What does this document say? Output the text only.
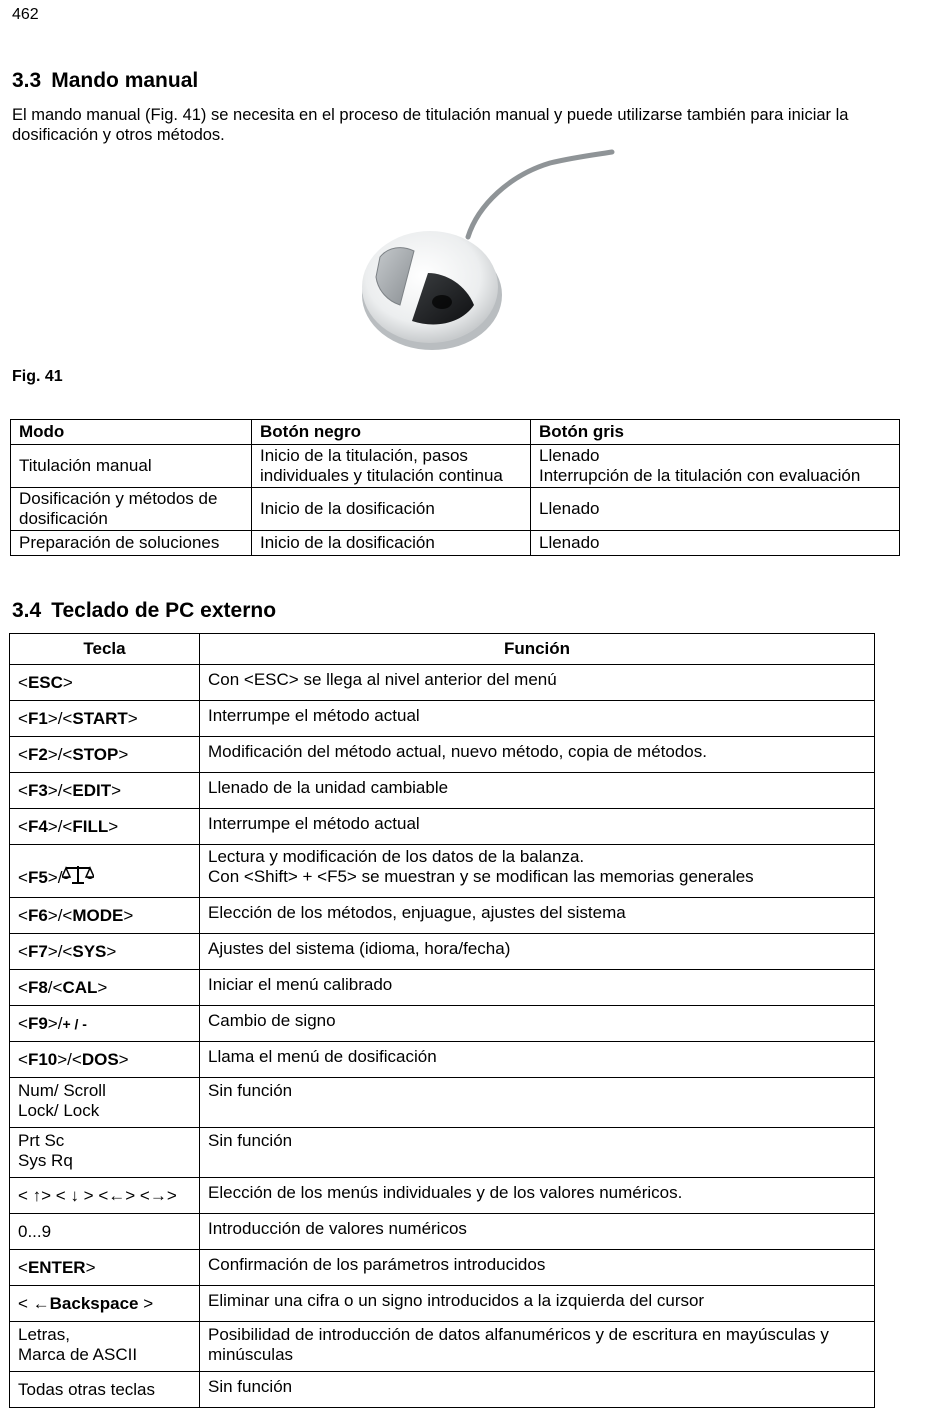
462
3.3 Mando manual

El mando manual (Fig. 41) se necesita en el proceso de titulación manual y puede utilizarse también para iniciar la dosificación y otros métodos.

Fig. 41
Modo	Botón negro	Botón gris
Titulación manual	Inicio de la titulación, pasos individuales y titulación continua	Llenado
Interrupción de la titulación con evaluación

Dosificación y métodos de dosificación	Inicio de la dosificación	Llenado
Preparación de soluciones	Inicio de la dosificación	Llenado
3.4 Teclado de PC externo
Tecla	Función
<ESC>	Con <ESC> se llega al nivel anterior del menú
<F1>/<START>	Interrumpe el método actual
<F2>/<STOP>	Modificación del método actual, nuevo método, copia de métodos.
<F3>/<EDIT>	Llenado de la unidad cambiable
<F4>/<FILL>	Interrumpe el método actual
<F5>/	Lectura y modificación de los datos de la balanza.
Con <Shift> + <F5> se muestran y se modifican las memorias generales

<F6>/<MODE>	Elección de los métodos, enjuague, ajustes del sistema
<F7>/<SYS>	Ajustes del sistema (idioma, hora/fecha)
<F8/<CAL>	Iniciar el menú calibrado
<F9>/+ / -	Cambio de signo
<F10>/<DOS>	Llama el menú de dosificación

Num/ Scroll
Lock/ Lock	Sin función

Prt Sc
Sys Rq	Sin función
< ↑> < ↓ > <←> <→>	Elección de los menús individuales y de los valores numéricos.
0...9	Introducción de valores numéricos
<ENTER>	Confirmación de los parámetros introducidos
< ←Backspace >	Eliminar una cifra o un signo introducidos a la izquierda del cursor

Letras,
Marca de ASCII	Posibilidad de introducción de datos alfanuméricos y de escritura en mayúsculas y minúsculas
Todas otras teclas	Sin función
